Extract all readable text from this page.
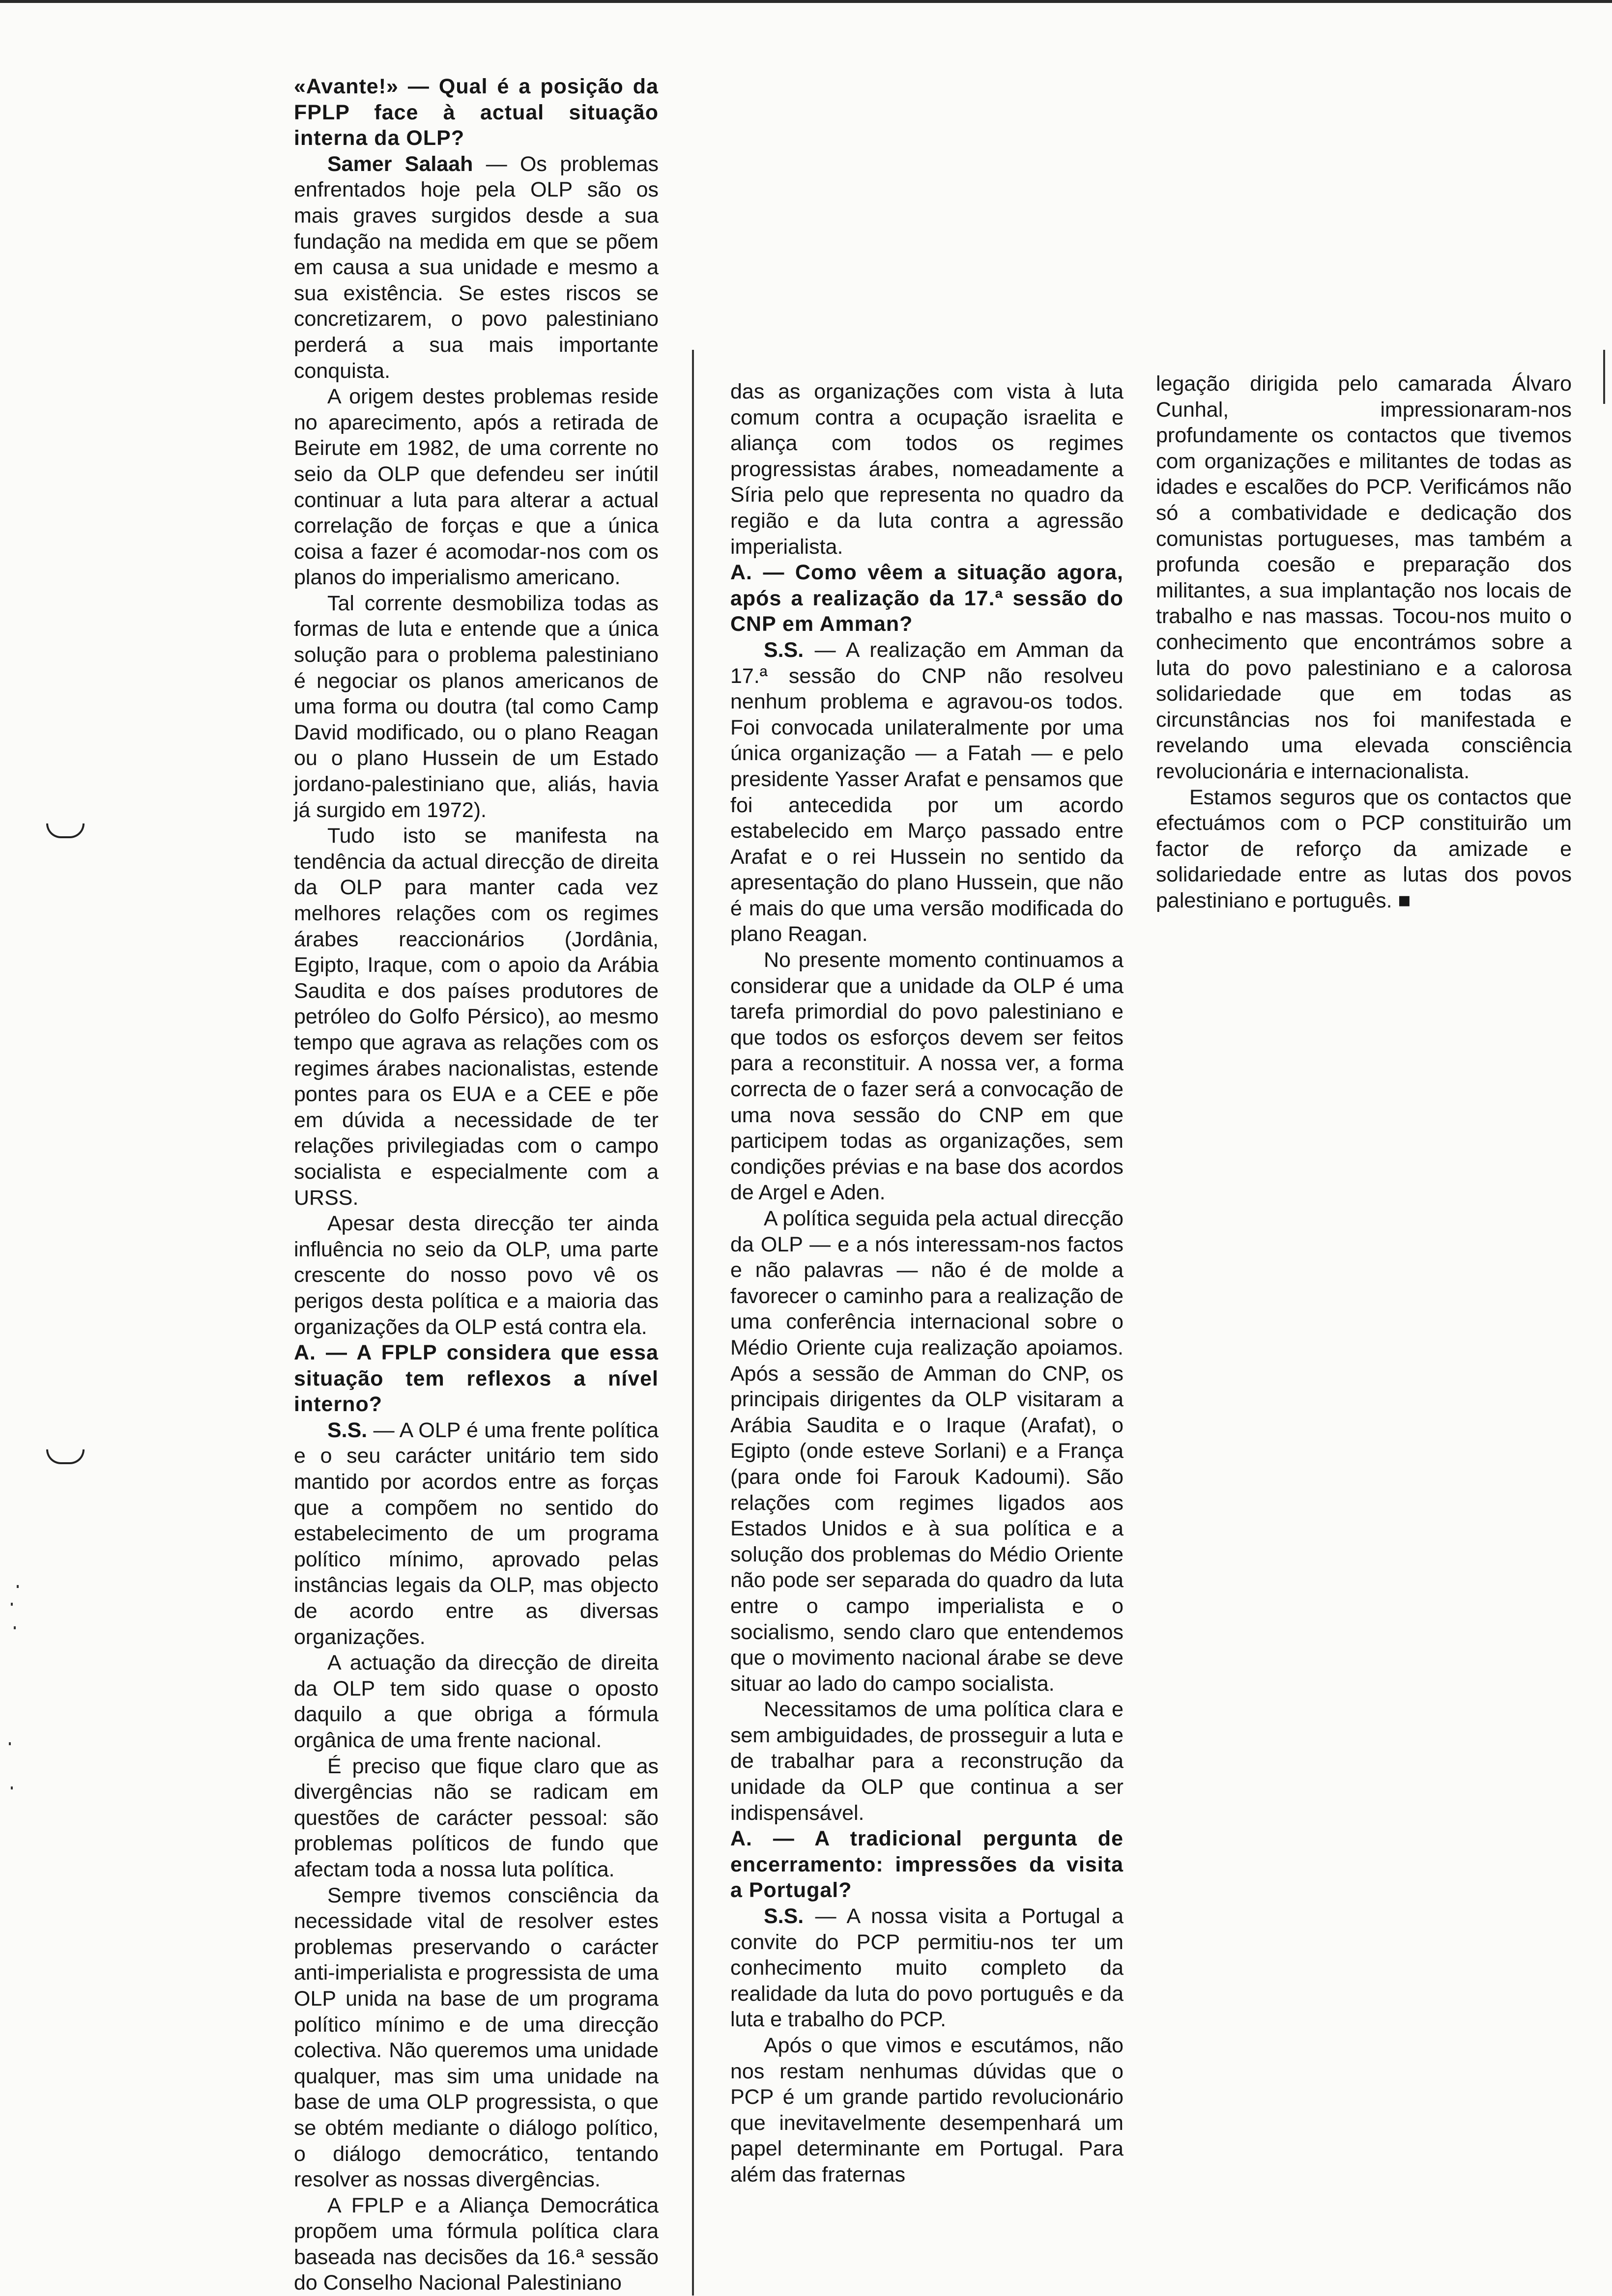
«Avante!» — Qual é a posição da FPLP face à actual situação interna da OLP?

Samer Salaah — Os problemas enfrentados hoje pela OLP são os mais graves surgidos desde a sua fundação na medida em que se põem em causa a sua unidade e mesmo a sua existência. Se estes riscos se concretizarem, o povo palestiniano perderá a sua mais importante conquista.

A origem destes problemas reside no aparecimento, após a retirada de Beirute em 1982, de uma corrente no seio da OLP que defendeu ser inútil continuar a luta para alterar a actual correlação de forças e que a única coisa a fazer é acomodar-nos com os planos do imperialismo americano.

Tal corrente desmobiliza todas as formas de luta e entende que a única solução para o problema palestiniano é negociar os planos americanos de uma forma ou doutra (tal como Camp David modificado, ou o plano Reagan ou o plano Hussein de um Estado jordano-palestiniano que, aliás, havia já surgido em 1972).

Tudo isto se manifesta na tendência da actual direcção de direita da OLP para manter cada vez melhores relações com os regimes árabes reaccionários (Jordânia, Egipto, Iraque, com o apoio da Arábia Saudita e dos países produtores de petróleo do Golfo Pérsico), ao mesmo tempo que agrava as relações com os regimes árabes nacionalistas, estende pontes para os EUA e a CEE e põe em dúvida a necessidade de ter relações privilegiadas com o campo socialista e especialmente com a URSS.

Apesar desta direcção ter ainda influência no seio da OLP, uma parte crescente do nosso povo vê os perigos desta política e a maioria das organizações da OLP está contra ela.

A. — A FPLP considera que essa situação tem reflexos a nível interno?

S.S. — A OLP é uma frente política e o seu carácter unitário tem sido mantido por acordos entre as forças que a compõem no sentido do estabelecimento de um programa político mínimo, aprovado pelas instâncias legais da OLP, mas objecto de acordo entre as diversas organizações.

A actuação da direcção de direita da OLP tem sido quase o oposto daquilo a que obriga a fórmula orgânica de uma frente nacional.

É preciso que fique claro que as divergências não se radicam em questões de carácter pessoal: são problemas políticos de fundo que afectam toda a nossa luta política.

Sempre tivemos consciência da necessidade vital de resolver estes problemas preservando o carácter anti-imperialista e progressista de uma OLP unida na base de um programa político mínimo e de uma direcção colectiva. Não queremos uma unidade qualquer, mas sim uma unidade na base de uma OLP progressista, o que se obtém mediante o diálogo político, o diálogo democrático, tentando resolver as nossas divergências.

A FPLP e a Aliança Democrática propõem uma fórmula política clara baseada nas decisões da 16.ª sessão do Conselho Nacional Palestiniano

das as organizações com vista à luta comum contra a ocupação israelita e aliança com todos os regimes progressistas árabes, nomeadamente a Síria pelo que representa no quadro da região e da luta contra a agressão imperialista.

A. — Como vêem a situação agora, após a realização da 17.ª sessão do CNP em Amman?

S.S. — A realização em Amman da 17.ª sessão do CNP não resolveu nenhum problema e agravou-os todos. Foi convocada unilateralmente por uma única organização — a Fatah — e pelo presidente Yasser Arafat e pensamos que foi antecedida por um acordo estabelecido em Março passado entre Arafat e o rei Hussein no sentido da apresentação do plano Hussein, que não é mais do que uma versão modificada do plano Reagan.

No presente momento continuamos a considerar que a unidade da OLP é uma tarefa primordial do povo palestiniano e que todos os esforços devem ser feitos para a reconstituir. A nossa ver, a forma correcta de o fazer será a convocação de uma nova sessão do CNP em que participem todas as organizações, sem condições prévias e na base dos acordos de Argel e Aden.

A política seguida pela actual direcção da OLP — e a nós interessam-nos factos e não palavras — não é de molde a favorecer o caminho para a realização de uma conferência internacional sobre o Médio Oriente cuja realização apoiamos. Após a sessão de Amman do CNP, os principais dirigentes da OLP visitaram a Arábia Saudita e o Iraque (Arafat), o Egipto (onde esteve Sorlani) e a França (para onde foi Farouk Kadoumi). São relações com regimes ligados aos Estados Unidos e à sua política e a solução dos problemas do Médio Oriente não pode ser separada do quadro da luta entre o campo imperialista e o socialismo, sendo claro que entendemos que o movimento nacional árabe se deve situar ao lado do campo socialista.

Necessitamos de uma política clara e sem ambiguidades, de prosseguir a luta e de trabalhar para a reconstrução da unidade da OLP que continua a ser indispensável.

A. — A tradicional pergunta de encerramento: impressões da visita a Portugal?

S.S. — A nossa visita a Portugal a convite do PCP permitiu-nos ter um conhecimento muito completo da realidade da luta do povo português e da luta e trabalho do PCP.

Após o que vimos e escutámos, não nos restam nenhumas dúvidas que o PCP é um grande partido revolucionário que inevitavelmente desempenhará um papel determinante em Portugal. Para além das fraternas

legação dirigida pelo camarada Álvaro Cunhal, impressionaram-nos profundamente os contactos que tivemos com organizações e militantes de todas as idades e escalões do PCP. Verificámos não só a combatividade e dedicação dos comunistas portugueses, mas também a profunda coesão e preparação dos militantes, a sua implantação nos locais de trabalho e nas massas. Tocou-nos muito o conhecimento que encontrámos sobre a luta do povo palestiniano e a calorosa solidariedade que em todas as circunstâncias nos foi manifestada e revelando uma elevada consciência revolucionária e internacionalista.

Estamos seguros que os contactos que efectuámos com o PCP constituirão um factor de reforço da amizade e solidariedade entre as lutas dos povos palestiniano e português. ■
